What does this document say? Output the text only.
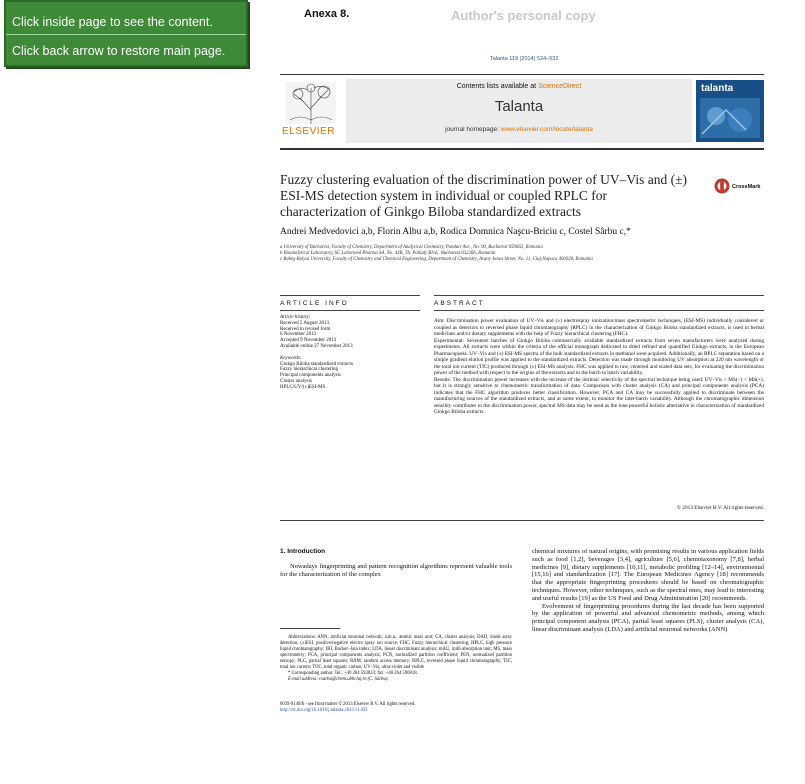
Click inside page to see the content.
Click back arrow to restore main page.
Anexa 8.	Author's personal copy
Talanta 119 (2014) 524–532
ELSEVIER
Contents lists available at ScienceDirect
Talanta
journal homepage: www.elsevier.com/locate/talanta
talanta
Fuzzy clustering evaluation of the discrimination power of UV–Vis and (±) ESI-MS detection system in individual or coupled RPLC for characterization of Ginkgo Biloba standardized extracts
CrossMark
Andrei Medvedovici a,b, Florin Albu a,b, Rodica Domnica Naşcu-Briciu c, Costel Sârbu c,*
a University of Bucharest, Faculty of Chemistry, Department of Analytical Chemistry, Panduri Ave., No. 90, Bucharest 050663, Romania
b Bioanalytical Laboratory, SC Labormed Pharma SA, No. 44B, Th. Pallady Blvd., Bucharest 032266, Romania
c Babeş-Bolyai University, Faculty of Chemistry and Chemical Engineering, Department of Chemistry, Arany Janos Street, No. 11, Cluj-Napoca 400028, Romania
ARTICLE INFO	ABSTRACT
Article history:
Received 5 August 2013
Received in revised form
6 November 2013
Accepted 9 November 2013
Available online 27 November 2013
Keywords:
Ginkgo Biloba standardized extracts
Fuzzy hierarchical clustering
Principal components analysis
Cluster analysis
HPLC/UV/(±)ESI-MS

Aim: Discrimination power evaluation of UV–Vis and (±) electrospray ionization/mass spectrometric techniques, (ESI-MS) individually considered or coupled as detectors to reversed phase liquid chromatography (RPLC) in the characterization of Ginkgo Biloba standardized extracts, is used in herbal medicines and/or dietary supplements with the help of Fuzzy hierarchical clustering (FHC).

Experimental: Seventeen batches of Ginkgo Biloba commercially available standardized extracts from seven manufacturers were analyzed during experiments. All extracts were within the criteria of the official monograph dedicated to dried refined and quantified Ginkgo extracts, in the European Pharmacopoeia. UV–Vis and (±) ESI-MS spectra of the bulk standardized extracts in methanol were acquired. Additionally, an RPLC separation based on a simple gradient elution profile was applied to the standardized extracts. Detection was made through monitoring UV absorption at 220 nm wavelength or the total ion current (TIC) produced through (±) ESI-MS analysis. FHC was applied to raw, centered and scaled data sets, for evaluating the discrimination power of the method with respect to the origins of the extracts and to the batch to batch variability.

Results: The discrimination power increases with the increase of the intrinsic selectivity of the spectral technique being used; UV–Vis < MS(−) < MS(+), but it is strongly sensitive to chemometric transformation of data. Comparison with cluster analysis (CA) and principal components analysis (PCA) indicates that the FHC algorithm produces better classification. However, PCA and CA may be successfully applied to discriminate between the manufacturing sources of the standardized extracts, and at some extent, to monitor the inter-batch variability. Although the chromatographic dimension sensibly contributes to the discrimination power, spectral MS data may be used as the lone powerful holistic alternative in characterization of standardized Ginkgo Biloba extracts.

© 2013 Elsevier B.V. All rights reserved.
1. Introduction
Nowadays fingerprinting and pattern recognition algorithms represent valuable tools for the characterization of the complex
Abbreviations: ANN, artificial neuronal network; a.m.u., atomic mass unit; CA, cluster analysis; DAD, diode array detection; (±)ESI, positive/negative electro spray ion source; FHC, Fuzzy hierarchical clustering; HPLC, high pressure liquid chromatography; IBJ, Backer–Jain index; LDA, linear discriminant analysis; mAU, milli-absorption unit; MS, mass spectrometry; PCA, principal components analysis; PCN, normalized partition coefficient; PEN, normalized partition entropy; PLC, partial least squares; RAM, random access memory; RPLC, reversed phase liquid chromatography; TIC, total ion current; TOC, total organic carbon; UV–Vis, ultra-violet and visible
* Corresponding author. Tel.: +40 264 593833; fax: +40 264 590818.
E-mail address: csarbu@chem.ubbcluj.ro (C. Sârbu).
0039-9140/$ - see front matter © 2013 Elsevier B.V. All rights reserved.
http://dx.doi.org/10.1016/j.talanta.2013.11.035

chemical mixtures of natural origins, with promising results in various application fields such as food [1,2], beverages [3,4], agriculture [5,6], chemotaxonomy [7,8], herbal medicines [9], dietary supplements [10,11], metabolic profiling [12–14], environmental [15,16] and standardization [17]. The European Medicines Agency [18] recommends that the appropriate fingerprinting procedures should be based on chromatographic techniques. However, other techniques, such as the spectral ones, may lead to interesting and useful results [19] as the US Food and Drug Administration [20] recommends.

Evolvement of fingerprinting procedures during the last decade has been supported by the application of powerful and advanced chemometric methods, among which principal component analysis (PCA), partial least squares (PLS), cluster analysis (CA), linear discriminant analysis (LDA) and artificial neuronal networks (ANN)
